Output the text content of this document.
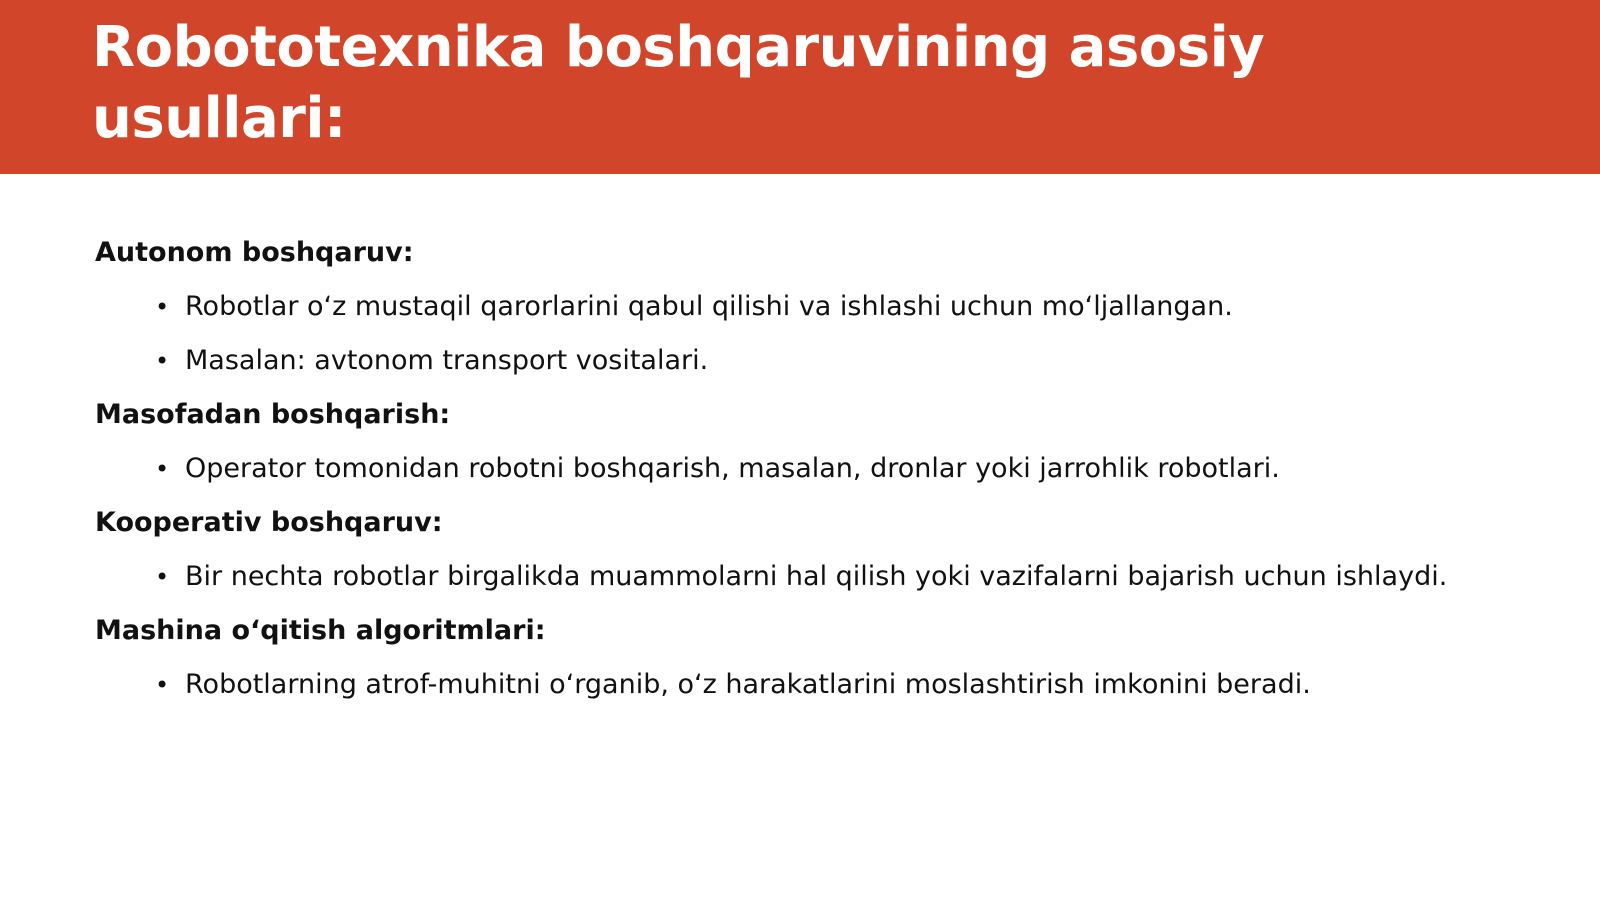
Robototexnika boshqaruvining asosiy usullari:

Autonom boshqaruv:

• Robotlar oʻz mustaqil qarorlarini qabul qilishi va ishlashi uchun moʻljallangan.
• Masalan: avtonom transport vositalari.

Masofadan boshqarish:

• Operator tomonidan robotni boshqarish, masalan, dronlar yoki jarrohlik robotlari.

Kooperativ boshqaruv:

• Bir nechta robotlar birgalikda muammolarni hal qilish yoki vazifalarni bajarish uchun ishlaydi.

Mashina oʻqitish algoritmlari:

• Robotlarning atrof-muhitni oʻrganib, oʻz harakatlarini moslashtirish imkonini beradi.
